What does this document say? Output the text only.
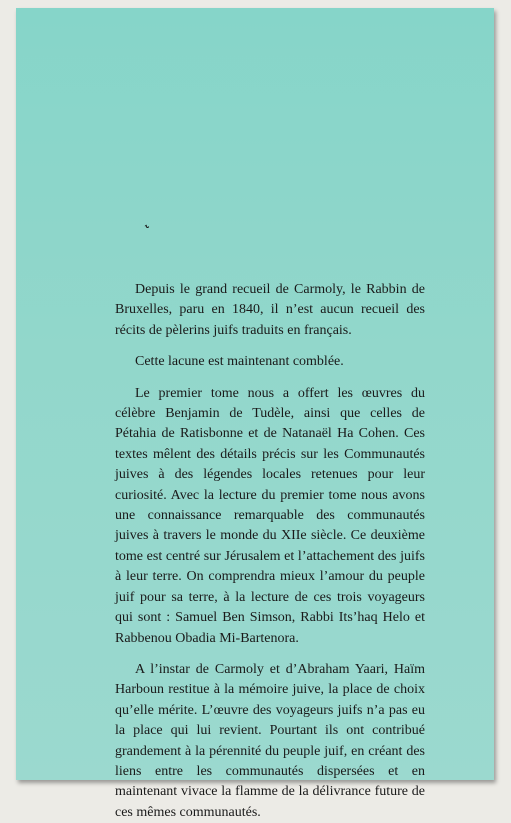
˞

Depuis le grand recueil de Carmoly, le Rabbin de Bruxelles, paru en 1840, il n’est aucun recueil des récits de pèlerins juifs traduits en français.

Cette lacune est maintenant comblée.

Le premier tome nous a offert les œuvres du célèbre Benjamin de Tudèle, ainsi que celles de Pétahia de Ratisbonne et de Natanaël Ha Cohen. Ces textes mêlent des détails précis sur les Communautés juives à des légendes locales retenues pour leur curiosité. Avec la lecture du premier tome nous avons une connaissance remarquable des communautés juives à travers le monde du XIIe siècle. Ce deuxième tome est centré sur Jérusalem et l’attachement des juifs à leur terre. On comprendra mieux l’amour du peuple juif pour sa terre, à la lecture de ces trois voyageurs qui sont : Samuel Ben Simson, Rabbi Its’haq Helo et Rabbenou Obadia Mi-Bartenora.

A l’instar de Carmoly et d’Abraham Yaari, Haïm Harboun restitue à la mémoire juive, la place de choix qu’elle mérite. L’œuvre des voyageurs juifs n’a pas eu la place qui lui revient. Pourtant ils ont contribué grandement à la pérennité du peuple juif, en créant des liens entre les communautés dispersées et en maintenant vivace la flamme de la délivrance future de ces mêmes communautés.
